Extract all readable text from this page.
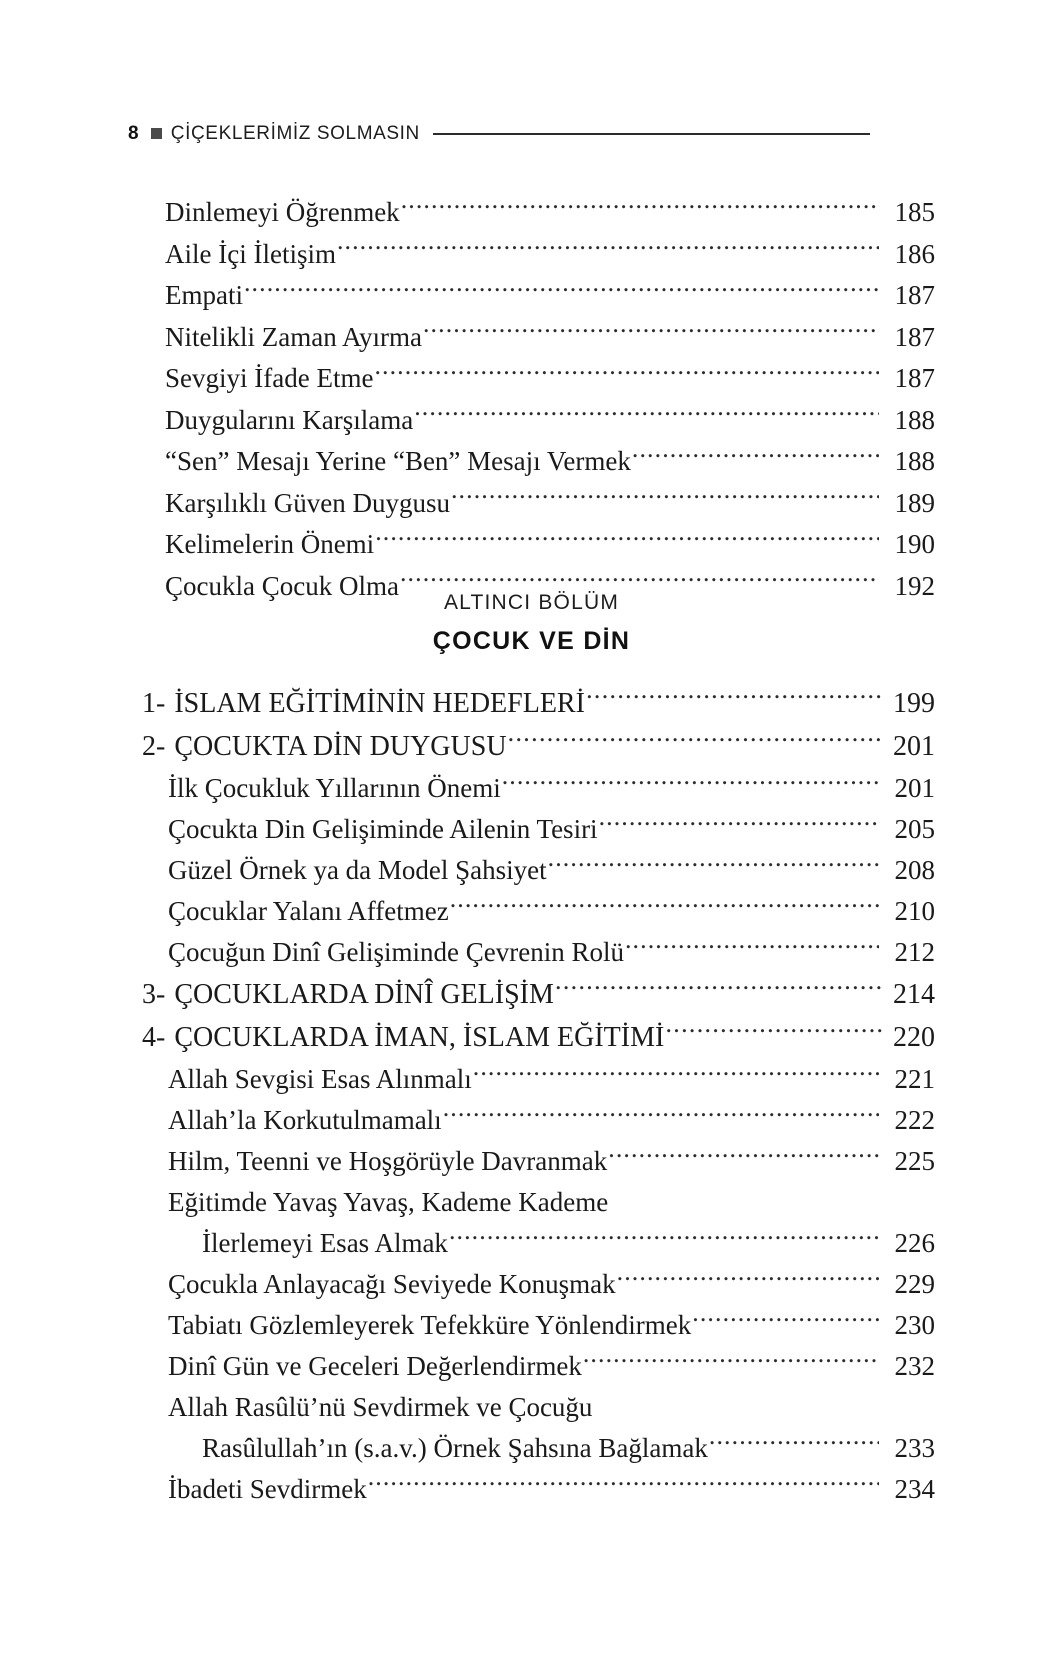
8 ÇİÇEKLERİMİZ SOLMASIN
Dinlemeyi Öğrenmek .....	185
Aile İçi İletişim .....	186
Empati .....	187
Nitelikli Zaman Ayırma .....	187
Sevgiyi İfade Etme .....	187
Duygularını Karşılama .....	188
“Sen” Mesajı Yerine “Ben” Mesajı Vermek .....	188
Karşılıklı Güven Duygusu .....	189
Kelimelerin Önemi .....	190
Çocukla Çocuk Olma .....	192
ALTINCI BÖLÜM
ÇOCUK VE DİN
1- İSLAM EĞİTİMİNİN HEDEFLERİ .....	199
2- ÇOCUKTA DİN DUYGUSU .....	201
İlk Çocukluk Yıllarının Önemi .....	201
Çocukta Din Gelişiminde Ailenin Tesiri .....	205
Güzel Örnek ya da Model Şahsiyet .....	208
Çocuklar Yalanı Affetmez .....	210
Çocuğun Dinî Gelişiminde Çevrenin Rolü .....	212
3- ÇOCUKLARDA DİNÎ GELİŞİM .....	214
4- ÇOCUKLARDA İMAN, İSLAM EĞİTİMİ .....	220
Allah Sevgisi Esas Alınmalı .....	221
Allah’la Korkutulmamalı .....	222
Hilm, Teenni ve Hoşgörüyle Davranmak .....	225
Eğitimde Yavaş Yavaş, Kademe Kademe
İlerlemeyi Esas Almak .....	226
Çocukla Anlayacağı Seviyede Konuşmak .....	229
Tabiatı Gözlemleyerek Tefekküre Yönlendirmek .....	230
Dinî Gün ve Geceleri Değerlendirmek .....	232
Allah Rasûlü’nü Sevdirmek ve Çocuğu
Rasûlullah’ın (s.a.v.) Örnek Şahsına Bağlamak .....	233
İbadeti Sevdirmek .....	234
